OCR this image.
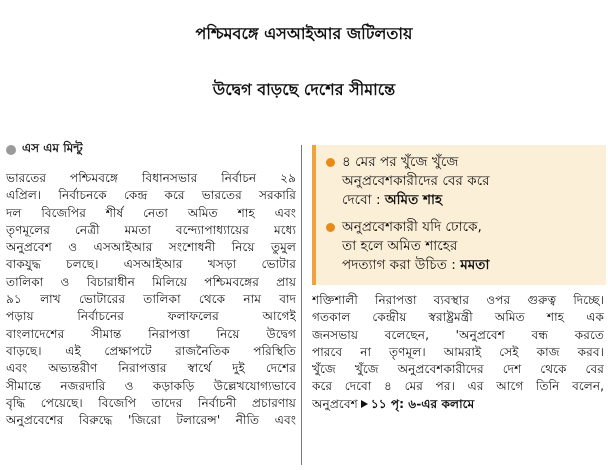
পশ্চিমবঙ্গে এসআইআর জটিলতায়
উদ্বেগ বাড়ছে দেশের সীমান্তে
এস এম মিন্টু
ভারতের পশ্চিমবঙ্গে বিধানসভার নির্বাচন ২৯
এপ্রিল। নির্বাচনকে কেন্দ্র করে ভারতের সরকারি
দল বিজেপির শীর্ষ নেতা অমিত শাহ এবং
তৃণমূলের নেত্রী মমতা বন্দ্যোপাধ্যায়ের মধ্যে
অনুপ্রবেশ ও এসআইআর সংশোধনী নিয়ে তুমুল
বাকযুদ্ধ চলছে। এসআইআর খসড়া ভোটার
তালিকা ও বিচারাধীন মিলিয়ে পশ্চিমবঙ্গের প্রায়
৯১ লাখ ভোটারের তালিকা থেকে নাম বাদ
পড়ায় নির্বাচনের ফলাফলের আগেই
বাংলাদেশের সীমান্ত নিরাপত্তা নিয়ে উদ্বেগ
বাড়ছে। এই প্রেক্ষাপটে রাজনৈতিক পরিস্থিতি
এবং অভ্যন্তরীণ নিরাপত্তার স্বার্থে দুই দেশের
সীমান্তে নজরদারি ও কড়াকড়ি উল্লেখযোগ্যভাবে
বৃদ্ধি পেয়েছে। বিজেপি তাদের নির্বাচনী প্রচারণায়
অনুপ্রবেশের বিরুদ্ধে 'জিরো টলারেন্স' নীতি এবং
৪ মের পর খুঁজে খুঁজে
অনুপ্রবেশকারীদের বের করে
দেবো : অমিত শাহ
অনুপ্রবেশকারী যদি ঢোকে,
তা হলে অমিত শাহের
পদত্যাগ করা উচিত : মমতা
শক্তিশালী নিরাপত্তা ব্যবস্থার ওপর গুরুত্ব দিচ্ছে।
গতকাল কেন্দ্রীয় স্বরাষ্ট্রমন্ত্রী অমিত শাহ এক
জনসভায় বলেছেন, 'অনুপ্রবেশ বন্ধ করতে
পারবে না তৃণমূল। আমরাই সেই কাজ করব।
খুঁজে খুঁজে অনুপ্রবেশকারীদের দেশ থেকে বের
করে দেবো ৪ মের পর। এর আগে তিনি বলেন,
অনুপ্রবেশ ১১ পৃ: ৬-এর কলামে
